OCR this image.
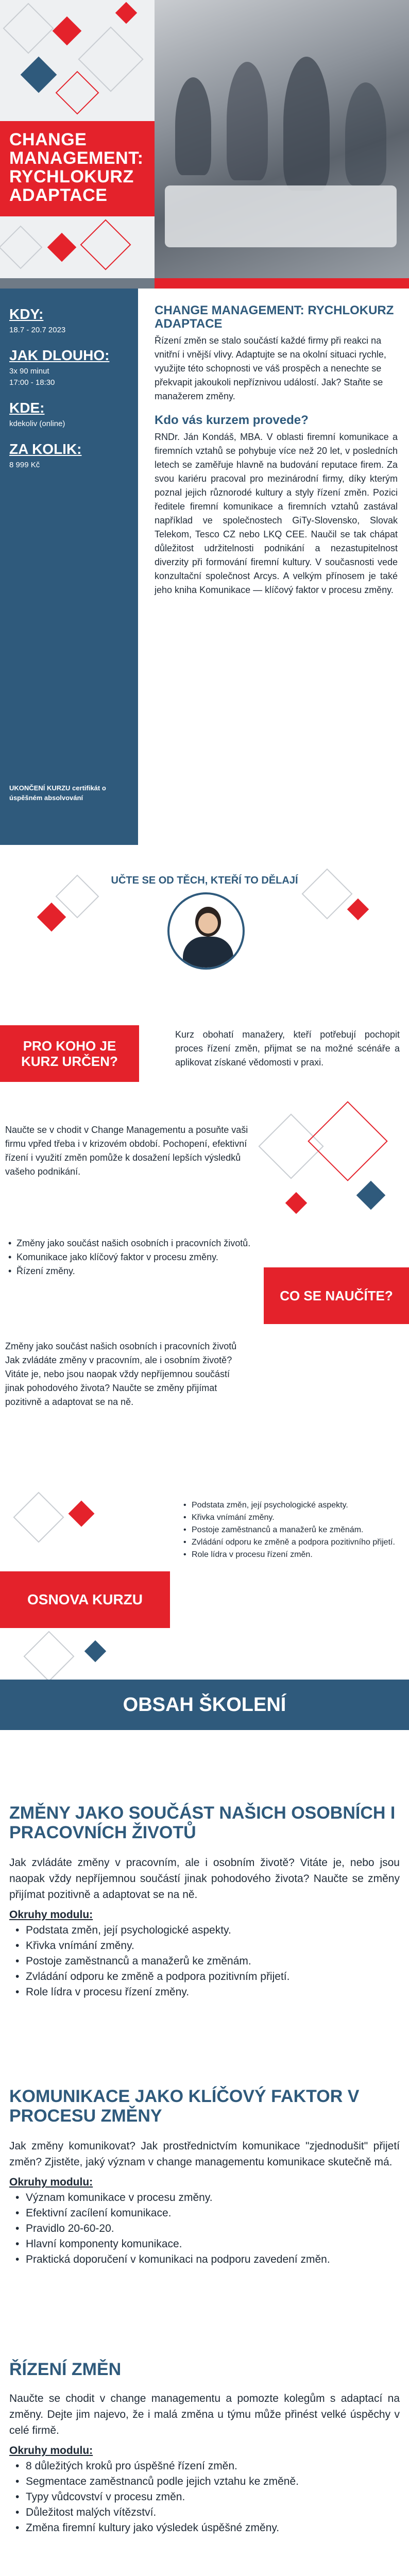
CHANGE MANAGEMENT: RYCHLOKURZ ADAPTACE
KDY:
18.7 - 20.7 2023
JAK DLOUHO:
3x 90 minut
17:00 - 18:30
KDE:
kdekoliv (online)
ZA KOLIK:
8 999 Kč
UKONČENÍ KURZU certifikát o úspěšném absolvování
CHANGE MANAGEMENT: RYCHLOKURZ ADAPTACE

Řízení změn se stalo součástí každé firmy při reakci na vnitřní i vnější vlivy. Adaptujte se na okolní situaci rychle, využijte této schopnosti ve váš prospěch a nenechte se překvapit jakoukoli nepříznivou událostí. Jak? Staňte se manažerem změny.

Kdo vás kurzem provede?

RNDr. Ján Kondáš, MBA. V oblasti firemní komunikace a firemních vztahů se pohybuje více než 20 let, v posledních letech se zaměřuje hlavně na budování reputace firem. Za svou kariéru pracoval pro mezinárodní firmy, díky kterým poznal jejich různorodé kultury a styly řízení změn. Pozici ředitele firemní komunikace a firemních vztahů zastával například ve společnostech GiTy-Slovensko, Slovak Telekom, Tesco CZ nebo LKQ CEE. Naučil se tak chápat důležitost udržitelnosti podnikání a nezastupitelnost diverzity při formování firemní kultury. V současnosti vede konzultační společnost Arcys. A velkým přínosem je také jeho kniha Komunikace — klíčový faktor v procesu změny.

UČTE SE OD TĚCH, KTEŘÍ TO DĚLAJÍ
PRO KOHO JE KURZ URČEN?

Kurz obohatí manažery, kteří potřebují pochopit proces řízení změn, přijmat se na možné scénáře a aplikovat získané vědomosti v praxi.

Naučte se v chodit v Change Managementu a posuňte vaši firmu vpřed třeba i v krizovém období. Pochopení, efektivní řízení i využití změn pomůže k dosažení lepších výsledků vašeho podnikání.

• Změny jako součást našich osobních i pracovních životů.
• Komunikace jako klíčový faktor v procesu změny.
• Řízení změny.
CO SE NAUČÍTE?

Změny jako součást našich osobních i pracovních životů Jak zvládáte změny v pracovním, ale i osobním životě? Vitáte je, nebo jsou naopak vždy nepříjemnou součástí jinak pohodového života? Naučte se změny přijímat pozitivně a adaptovat se na ně.

OSNOVA KURZU
• Podstata změn, její psychologické aspekty.
• Křivka vnímání změny.
• Postoje zaměstnanců a manažerů ke změnám.
• Zvládání odporu ke změně a podpora pozitivního přijetí.
• Role lídra v procesu řízení změn.
OBSAH ŠKOLENÍ
ZMĚNY JAKO SOUČÁST NAŠICH OSOBNÍCH I PRACOVNÍCH ŽIVOTŮ

Jak zvládáte změny v pracovním, ale i osobním životě? Vitáte je, nebo jsou naopak vždy nepříjemnou součástí jinak pohodového života? Naučte se změny přijímat pozitivně a adaptovat se na ně.

Okruhy modulu:

• Podstata změn, její psychologické aspekty.
• Křivka vnímání změny.
• Postoje zaměstnanců a manažerů ke změnám.
• Zvládání odporu ke změně a podpora pozitivním přijetí.
• Role lídra v procesu řízení změny.
KOMUNIKACE JAKO KLÍČOVÝ FAKTOR V PROCESU ZMĚNY

Jak změny komunikovat? Jak prostřednictvím komunikace "zjednodušit" přijetí změn? Zjistěte, jaký význam v change managementu komunikace skutečně má.

Okruhy modulu:

• Význam komunikace v procesu změny.
• Efektivní zacílení komunikace.
• Pravidlo 20-60-20.
• Hlavní komponenty komunikace.
• Praktická doporučení v komunikaci na podporu zavedení změn.
ŘÍZENÍ ZMĚN

Naučte se chodit v change managementu a pomozte kolegům s adaptací na změny. Dejte jim najevo, že i malá změna u týmu může přinést velké úspěchy v celé firmě.

Okruhy modulu:

• 8 důležitých kroků pro úspěšné řízení změn.
• Segmentace zaměstnanců podle jejich vztahu ke změně.
• Typy vůdcovství v procesu změn.
• Důležitost malých vítězství.
• Změna firemní kultury jako výsledek úspěšné změny.
